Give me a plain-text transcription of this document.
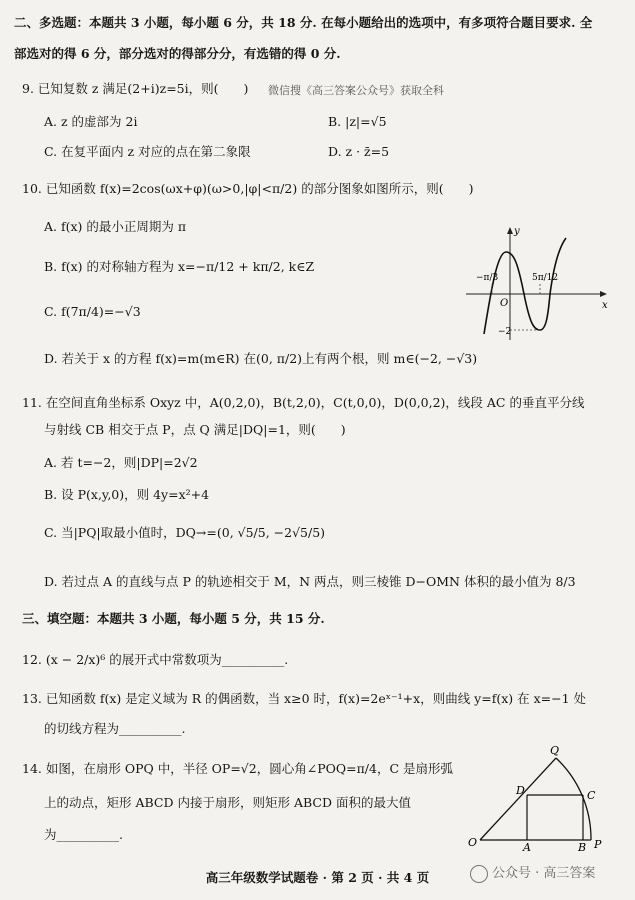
二、多选题：本题共 3 小题，每小题 6 分，共 18 分. 在每小题给出的选项中，有多项符合题目要求. 全
部选对的得 6 分，部分选对的得部分分，有选错的得 0 分.
9. 已知复数 z 满足(2+i)z=5i，则(　　) 微信搜《高三答案公众号》获取全科
A. z 的虚部为 2i	B. |z|=√5
C. 在复平面内 z 对应的点在第二象限	D. z · z̄=5
10. 已知函数 f(x)=2cos(ωx+φ)(ω>0,|φ|<π/2) 的部分图象如图所示，则(　　)
A. f(x) 的最小正周期为 π
B. f(x) 的对称轴方程为 x=−π/12 + kπ/2, k∈Z
C. f(7π/4)=−√3
D. 若关于 x 的方程 f(x)=m(m∈R) 在(0, π/2)上有两个根，则 m∈(−2, −√3)
y
x
O
−π/3	5π/12
−2
11. 在空间直角坐标系 Oxyz 中，A(0,2,0)，B(t,2,0)，C(t,0,0)，D(0,0,2)，线段 AC 的垂直平分线
与射线 CB 相交于点 P，点 Q 满足|DQ|=1，则(　　)
A. 若 t=−2，则|DP|=2√2
B. 设 P(x,y,0)，则 4y=x²+4
C. 当|PQ|取最小值时，DQ→=(0, √5/5, −2√5/5)
D. 若过点 A 的直线与点 P 的轨迹相交于 M，N 两点，则三棱锥 D−OMN 体积的最小值为 8/3
三、填空题：本题共 3 小题，每小题 5 分，共 15 分.
12. (x − 2/x)⁶ 的展开式中常数项为__________.
13. 已知函数 f(x) 是定义域为 R 的偶函数，当 x≥0 时，f(x)=2eˣ⁻¹+x，则曲线 y=f(x) 在 x=−1 处
的切线方程为__________.
14. 如图，在扇形 OPQ 中，半径 OP=√2，圆心角∠POQ=π/4，C 是扇形弧
上的动点，矩形 ABCD 内接于扇形，则矩形 ABCD 面积的最大值
为__________.
O	P
Q
A	B
C
D
高三年级数学试题卷 · 第 2 页 · 共 4 页	公众号 · 高三答案
